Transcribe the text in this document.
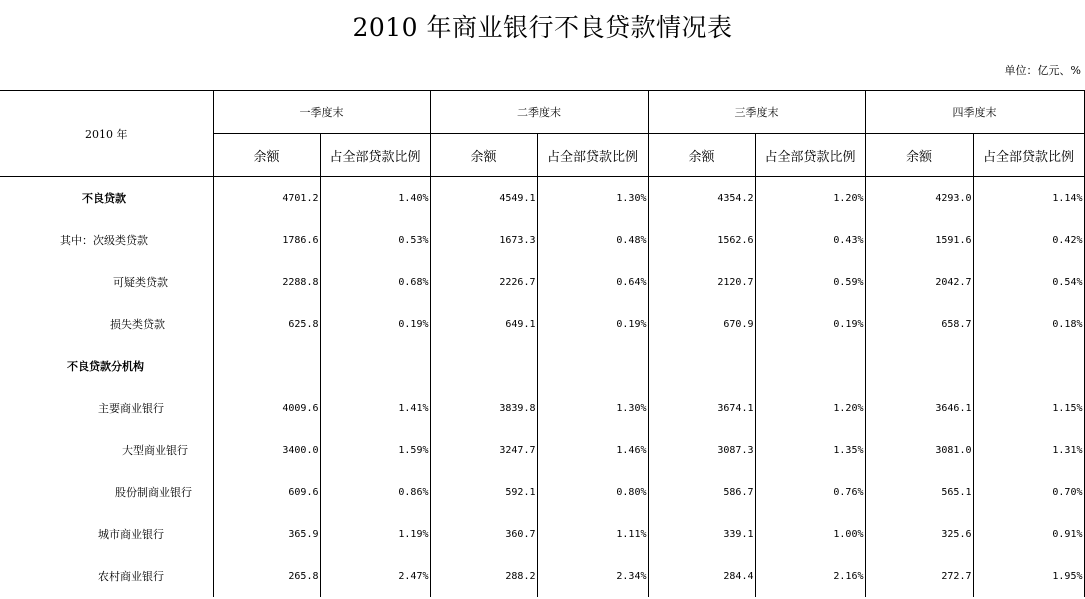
2010 年商业银行不良贷款情况表
单位：亿元、%
2010 年	一季度末		二季度末		三季度末		四季度末	
	余额	占全部贷款比例	余额	占全部贷款比例	余额	占全部贷款比例	余额	占全部贷款比例
不良贷款	4701.2	1.40%	4549.1	1.30%	4354.2	1.20%	4293.0	1.14%
其中：次级类贷款	1786.6	0.53%	1673.3	0.48%	1562.6	0.43%	1591.6	0.42%
可疑类贷款	2288.8	0.68%	2226.7	0.64%	2120.7	0.59%	2042.7	0.54%
损失类贷款	625.8	0.19%	649.1	0.19%	670.9	0.19%	658.7	0.18%
不良贷款分机构								
主要商业银行	4009.6	1.41%	3839.8	1.30%	3674.1	1.20%	3646.1	1.15%
大型商业银行	3400.0	1.59%	3247.7	1.46%	3087.3	1.35%	3081.0	1.31%
股份制商业银行	609.6	0.86%	592.1	0.80%	586.7	0.76%	565.1	0.70%
城市商业银行	365.9	1.19%	360.7	1.11%	339.1	1.00%	325.6	0.91%
农村商业银行	265.8	2.47%	288.2	2.34%	284.4	2.16%	272.7	1.95%
